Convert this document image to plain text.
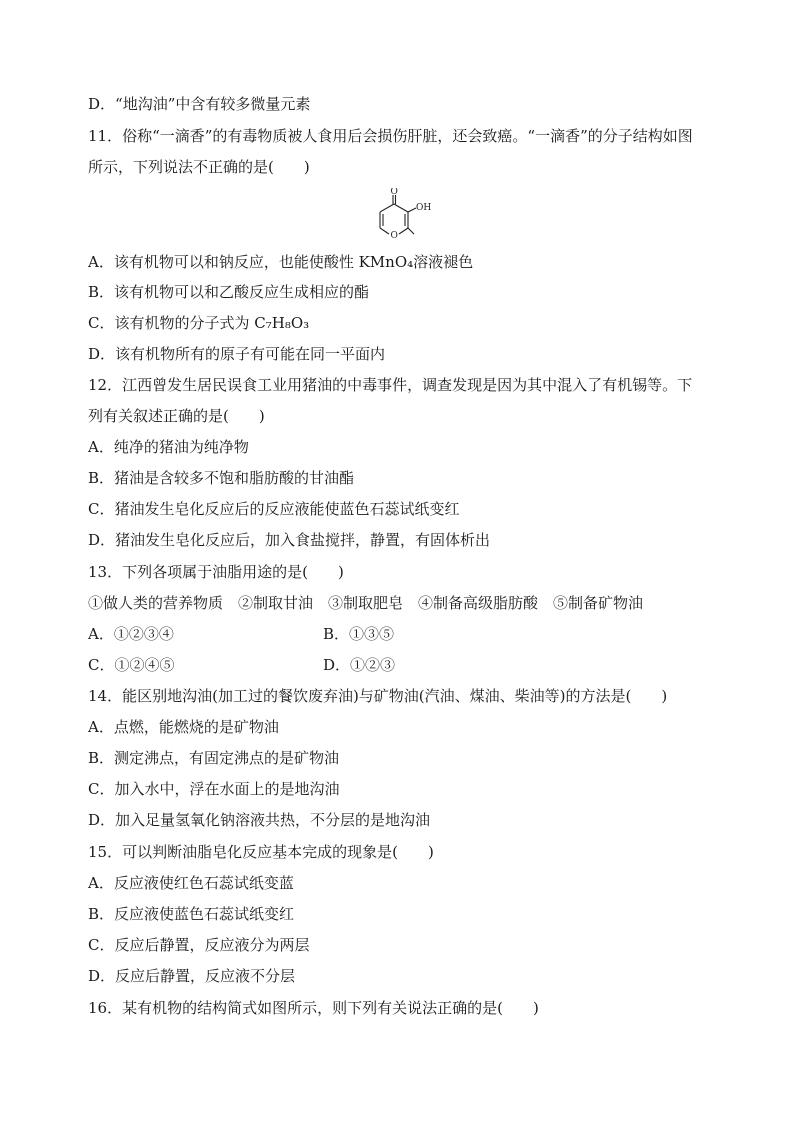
D．“地沟油”中含有较多微量元素
11．俗称“一滴香”的有毒物质被人食用后会损伤肝脏，还会致癌。“一滴香”的分子结构如图
所示，下列说法不正确的是(　　)
O
OH
O
A．该有机物可以和钠反应，也能使酸性 KMnO₄溶液褪色
B．该有机物可以和乙酸反应生成相应的酯
C．该有机物的分子式为 C₇H₈O₃
D．该有机物所有的原子有可能在同一平面内
12．江西曾发生居民误食工业用猪油的中毒事件，调查发现是因为其中混入了有机锡等。下
列有关叙述正确的是(　　)
A．纯净的猪油为纯净物
B．猪油是含较多不饱和脂肪酸的甘油酯
C．猪油发生皂化反应后的反应液能使蓝色石蕊试纸变红
D．猪油发生皂化反应后，加入食盐搅拌，静置，有固体析出
13．下列各项属于油脂用途的是(　　)
①做人类的营养物质　②制取甘油　③制取肥皂　④制备高级脂肪酸　⑤制备矿物油
A．①②③④	B．①③⑤
C．①②④⑤	D．①②③
14．能区别地沟油(加工过的餐饮废弃油)与矿物油(汽油、煤油、柴油等)的方法是(　　)
A．点燃，能燃烧的是矿物油
B．测定沸点，有固定沸点的是矿物油
C．加入水中，浮在水面上的是地沟油
D．加入足量氢氧化钠溶液共热，不分层的是地沟油
15．可以判断油脂皂化反应基本完成的现象是(　　)
A．反应液使红色石蕊试纸变蓝
B．反应液使蓝色石蕊试纸变红
C．反应后静置，反应液分为两层
D．反应后静置，反应液不分层
16．某有机物的结构简式如图所示，则下列有关说法正确的是(　　)
